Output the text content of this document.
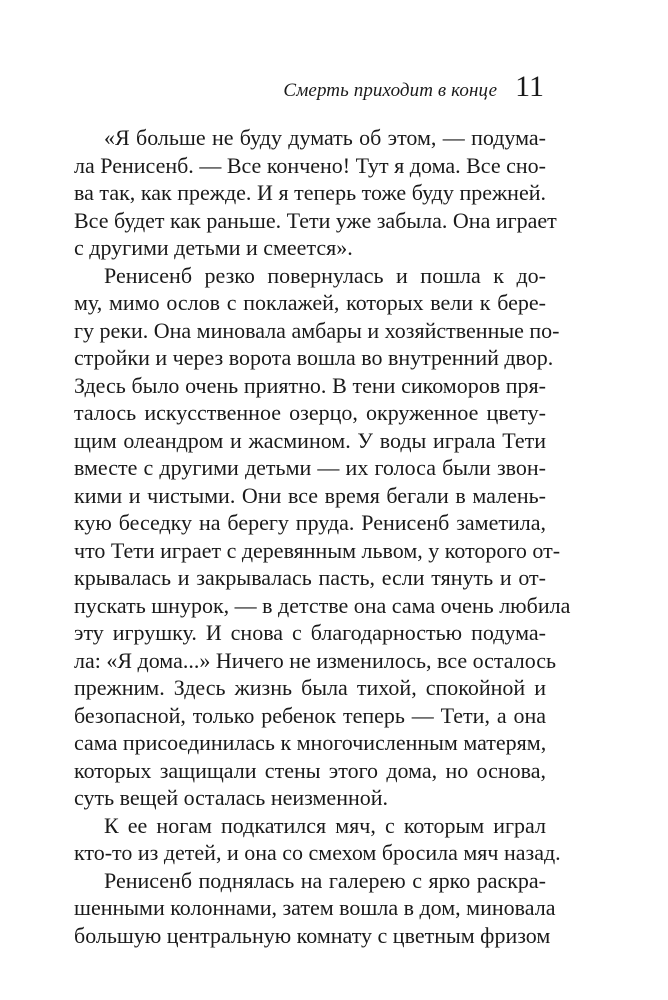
Смерть приходит в конце 11
«Я больше не буду думать об этом, — подума-
ла Ренисенб. — Все кончено! Тут я дома. Все сно-
ва так, как прежде. И я теперь тоже буду прежней.
Все будет как раньше. Тети уже забыла. Она играет
с другими детьми и смеется».
Ренисенб резко повернулась и пошла к до-
му, мимо ослов с поклажей, которых вели к бере-
гу реки. Она миновала амбары и хозяйственные по-
стройки и через ворота вошла во внутренний двор.
Здесь было очень приятно. В тени сикоморов пря-
талось искусственное озерцо, окруженное цвету-
щим олеандром и жасмином. У воды играла Тети
вместе с другими детьми — их голоса были звон-
кими и чистыми. Они все время бегали в малень-
кую беседку на берегу пруда. Ренисенб заметила,
что Тети играет с деревянным львом, у которого от-
крывалась и закрывалась пасть, если тянуть и от-
пускать шнурок, — в детстве она сама очень любила
эту игрушку. И снова с благодарностью подума-
ла: «Я дома...» Ничего не изменилось, все осталось
прежним. Здесь жизнь была тихой, спокойной и
безопасной, только ребенок теперь — Тети, а она
сама присоединилась к многочисленным матерям,
которых защищали стены этого дома, но основа,
суть вещей осталась неизменной.
К ее ногам подкатился мяч, с которым играл
кто-то из детей, и она со смехом бросила мяч назад.
Ренисенб поднялась на галерею с ярко раскра-
шенными колоннами, затем вошла в дом, миновала
большую центральную комнату с цветным фризом
